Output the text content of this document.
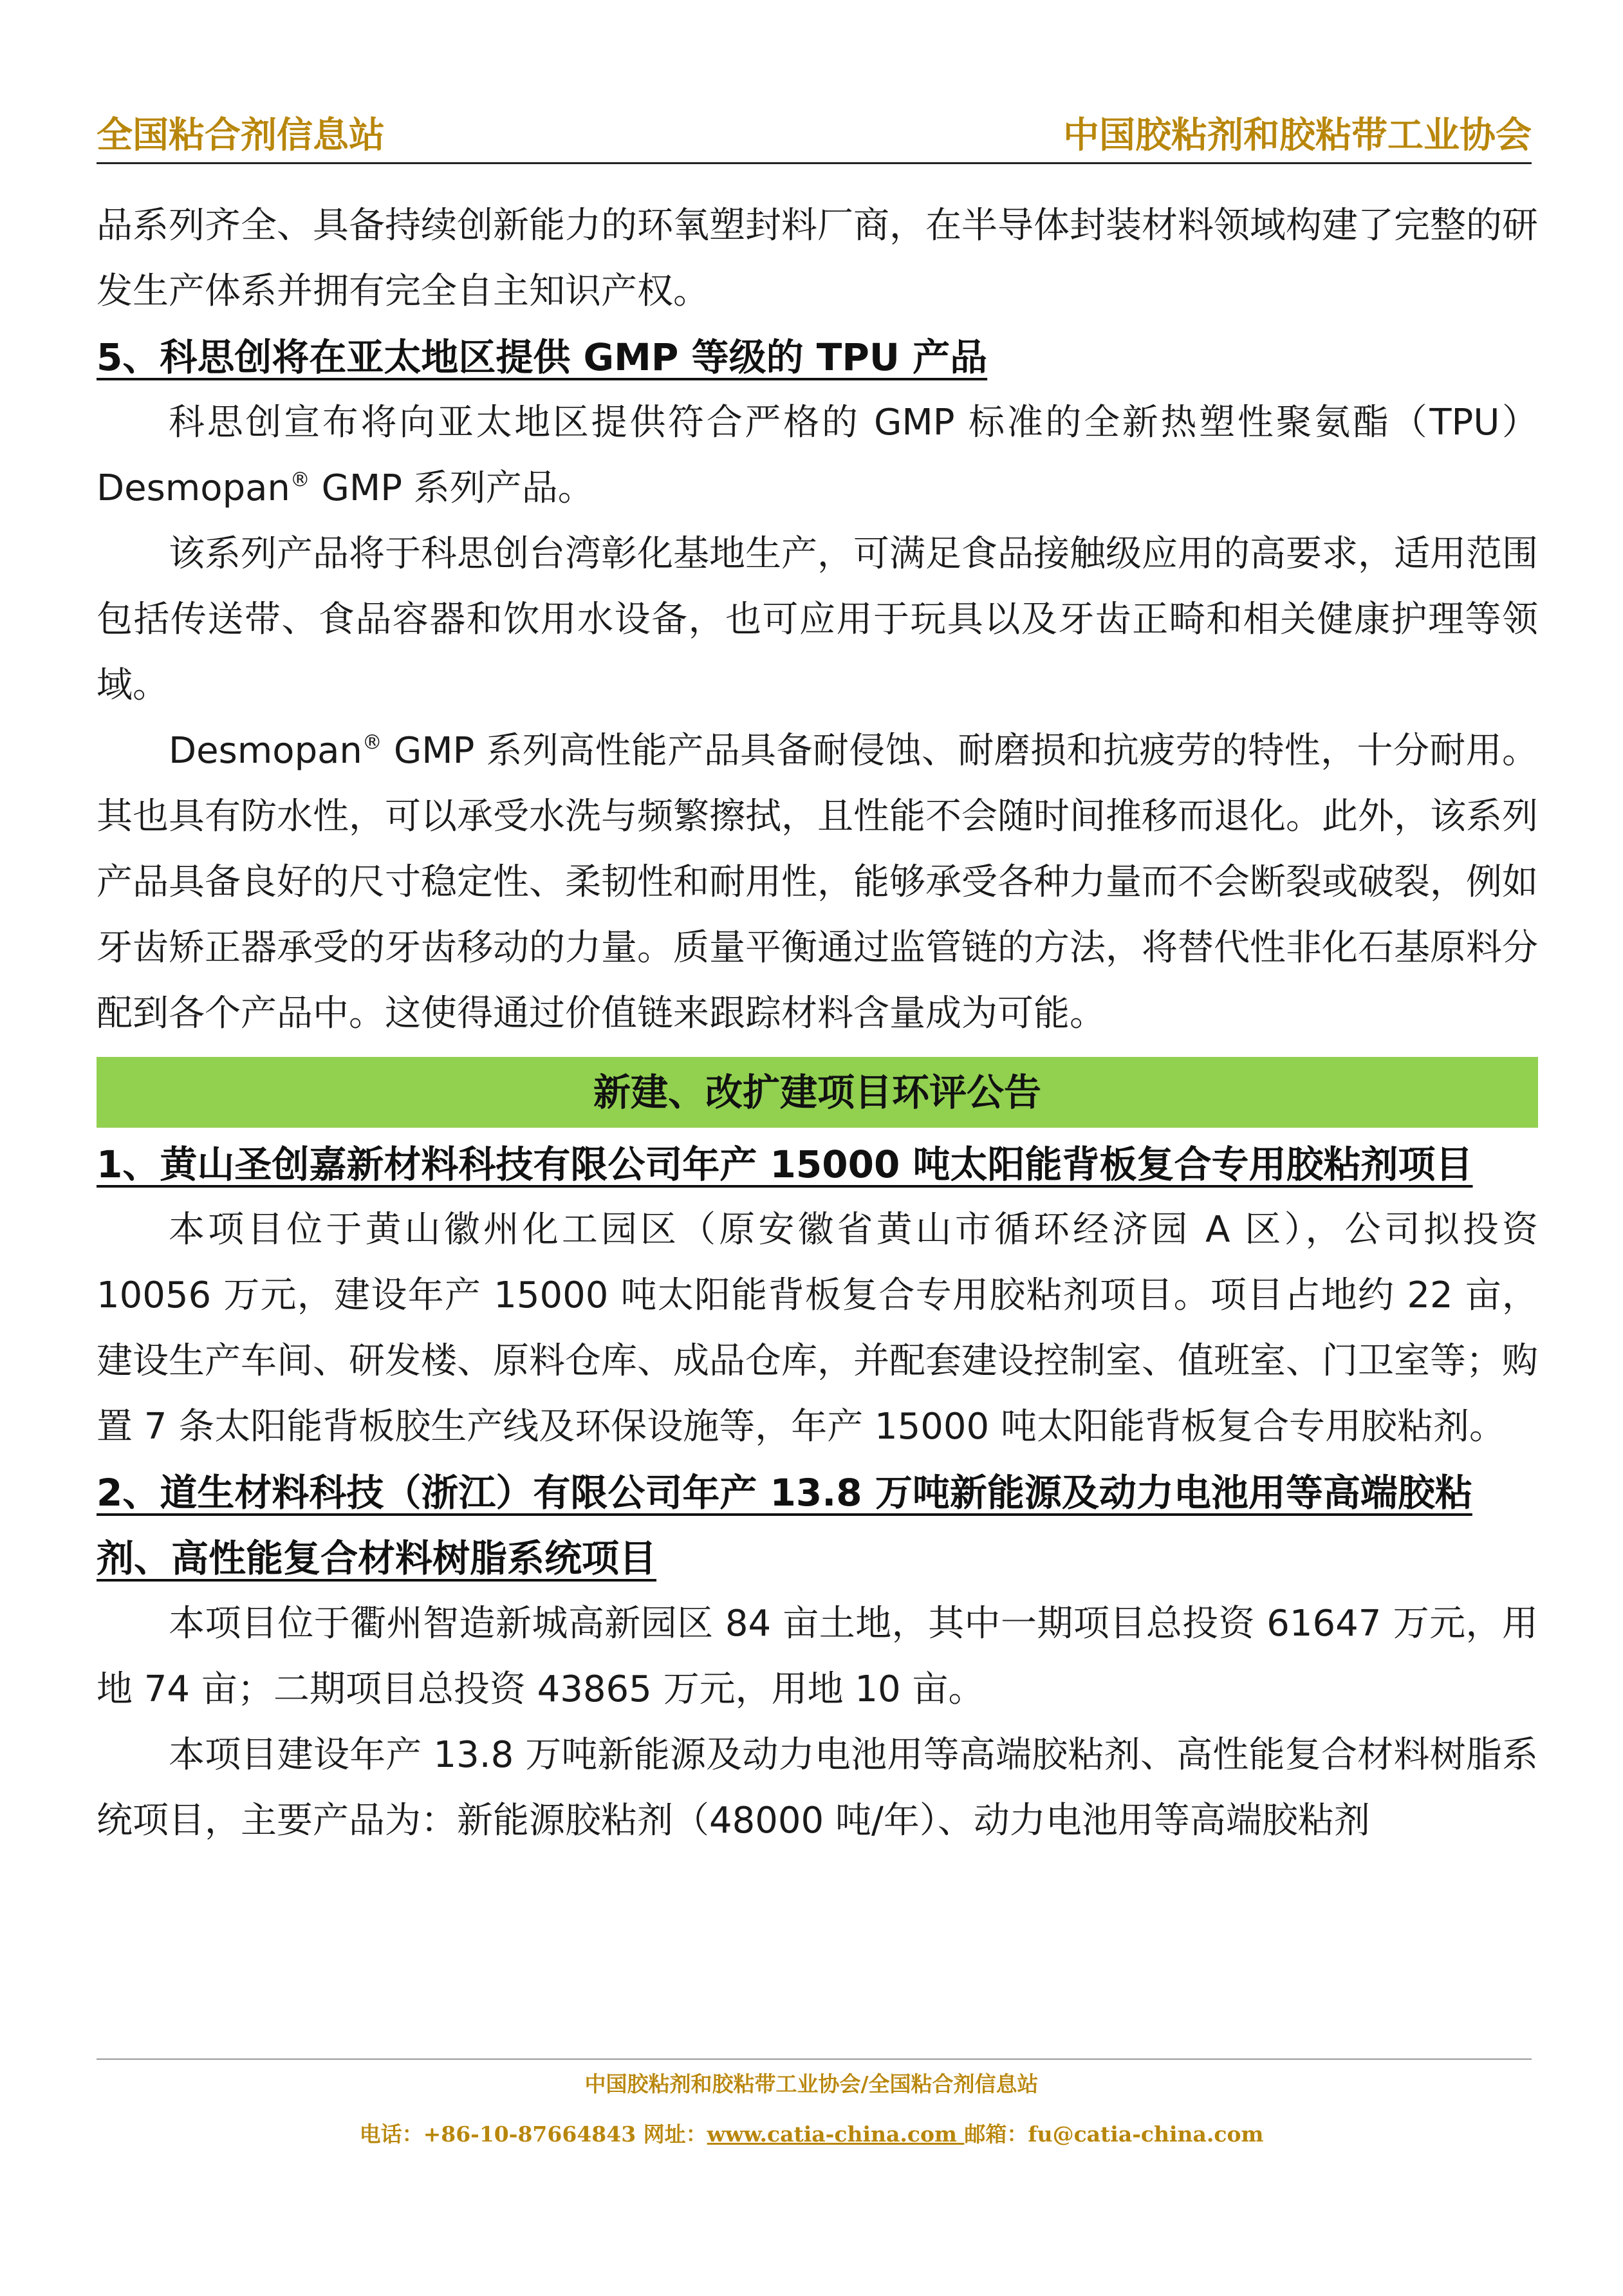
全国粘合剂信息站	中国胶粘剂和胶粘带工业协会

品系列齐全、具备持续创新能力的环氧塑封料厂商，在半导体封装材料领域构建了完整的研发生产体系并拥有完全自主知识产权。

5、科思创将在亚太地区提供 GMP 等级的 TPU 产品

科思创宣布将向亚太地区提供符合严格的 GMP 标准的全新热塑性聚氨酯（TPU）Desmopan® GMP 系列产品。

该系列产品将于科思创台湾彰化基地生产，可满足食品接触级应用的高要求，适用范围包括传送带、食品容器和饮用水设备，也可应用于玩具以及牙齿正畸和相关健康护理等领域。

Desmopan® GMP 系列高性能产品具备耐侵蚀、耐磨损和抗疲劳的特性，十分耐用。其也具有防水性，可以承受水洗与频繁擦拭，且性能不会随时间推移而退化。此外，该系列产品具备良好的尺寸稳定性、柔韧性和耐用性，能够承受各种力量而不会断裂或破裂，例如牙齿矫正器承受的牙齿移动的力量。质量平衡通过监管链的方法，将替代性非化石基原料分配到各个产品中。这使得通过价值链来跟踪材料含量成为可能。

新建、改扩建项目环评公告
1、黄山圣创嘉新材料科技有限公司年产 15000 吨太阳能背板复合专用胶粘剂项目

本项目位于黄山徽州化工园区（原安徽省黄山市循环经济园 A 区），公司拟投资 10056 万元，建设年产 15000 吨太阳能背板复合专用胶粘剂项目。项目占地约 22 亩，建设生产车间、研发楼、原料仓库、成品仓库，并配套建设控制室、值班室、门卫室等；购置 7 条太阳能背板胶生产线及环保设施等，年产 15000 吨太阳能背板复合专用胶粘剂。

2、道生材料科技（浙江）有限公司年产 13.8 万吨新能源及动力电池用等高端胶粘剂、高性能复合材料树脂系统项目

本项目位于衢州智造新城高新园区 84 亩土地，其中一期项目总投资 61647 万元，用地 74 亩；二期项目总投资 43865 万元，用地 10 亩。

本项目建设年产 13.8 万吨新能源及动力电池用等高端胶粘剂、高性能复合材料树脂系统项目，主要产品为：新能源胶粘剂（48000 吨/年）、动力电池用等高端胶粘剂

中国胶粘剂和胶粘带工业协会/全国粘合剂信息站
电话：+86-10-87664843 网址：www.catia-china.com 邮箱：fu@catia-china.com
